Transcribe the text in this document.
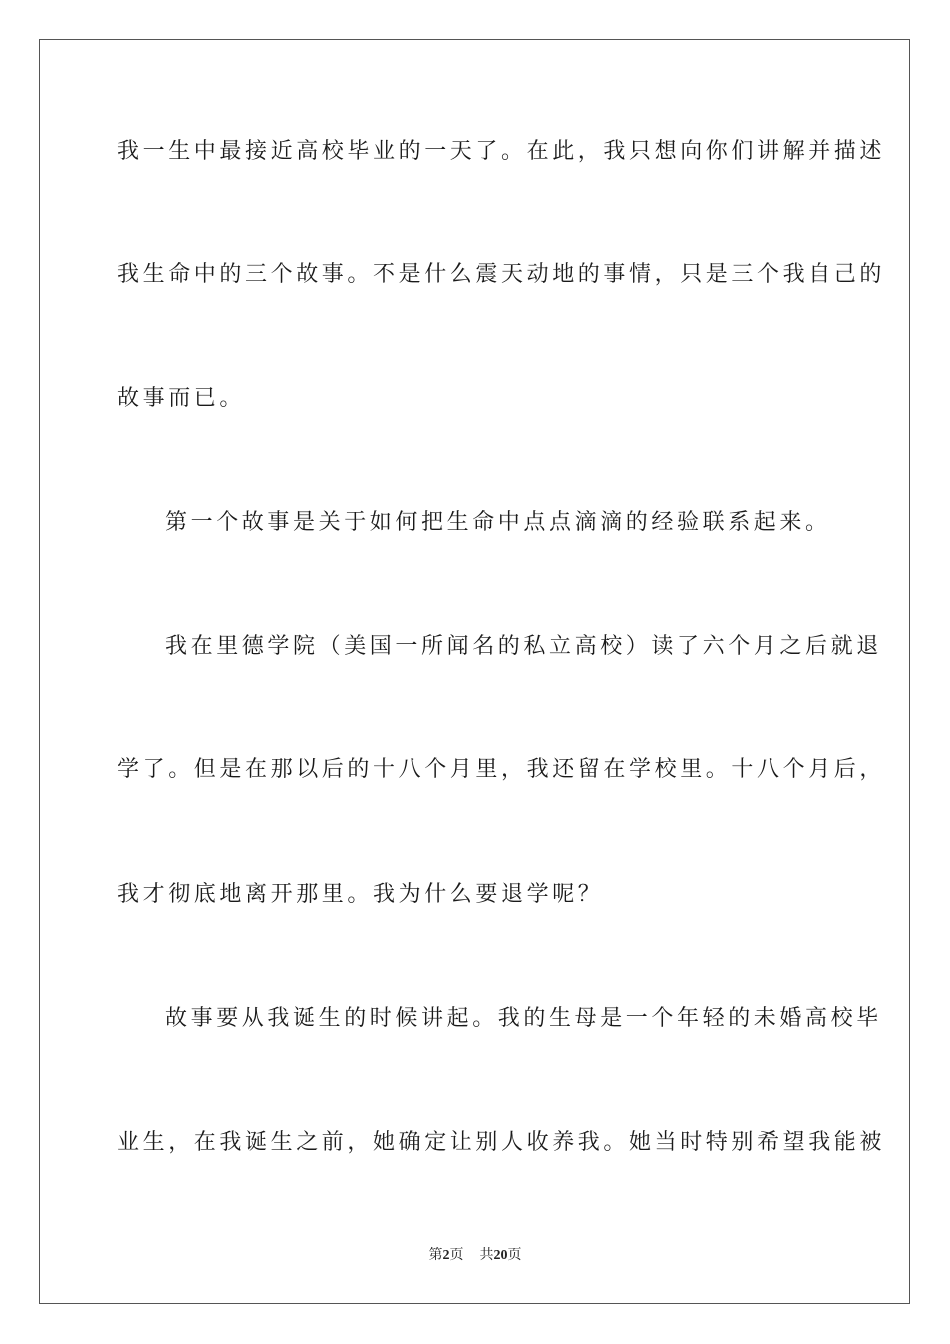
我一生中最接近高校毕业的一天了。在此，我只想向你们讲解并描述

我生命中的三个故事。不是什么震天动地的事情，只是三个我自己的

故事而已。

第一个故事是关于如何把生命中点点滴滴的经验联系起来。

我在里德学院（美国一所闻名的私立高校）读了六个月之后就退

学了。但是在那以后的十八个月里，我还留在学校里。十八个月后，

我才彻底地离开那里。我为什么要退学呢？

故事要从我诞生的时候讲起。我的生母是一个年轻的未婚高校毕

业生，在我诞生之前，她确定让别人收养我。她当时特别希望我能被

第2页 共20页
